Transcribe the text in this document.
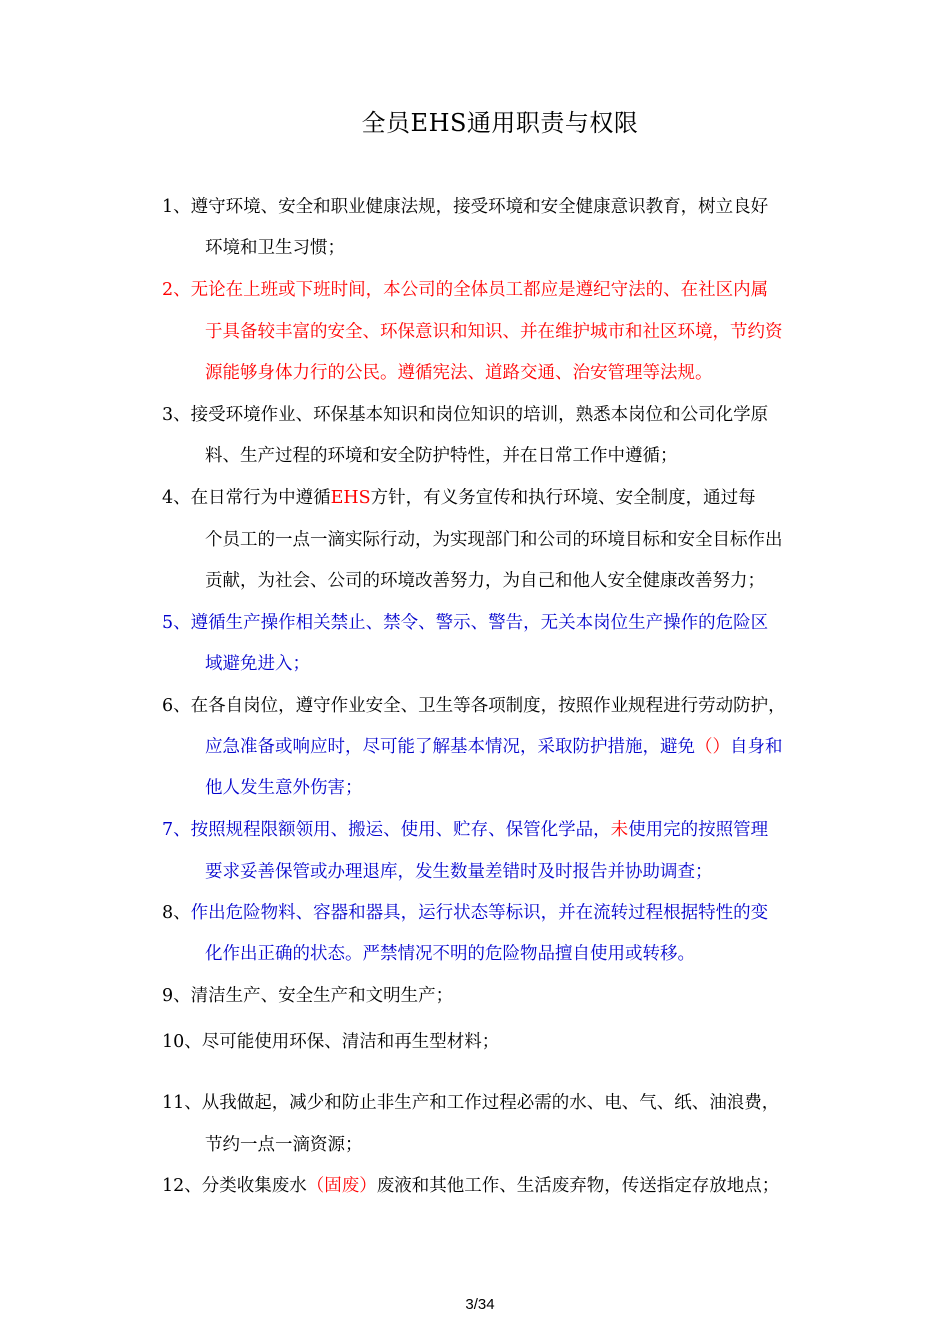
全员EHS通用职责与权限
1、遵守环境、安全和职业健康法规，接受环境和安全健康意识教育，树立良好
环境和卫生习惯；
2、无论在上班或下班时间，本公司的全体员工都应是遵纪守法的、在社区内属
于具备较丰富的安全、环保意识和知识、并在维护城市和社区环境，节约资
源能够身体力行的公民。遵循宪法、道路交通、治安管理等法规。
3、接受环境作业、环保基本知识和岗位知识的培训，熟悉本岗位和公司化学原
料、生产过程的环境和安全防护特性，并在日常工作中遵循；
4、在日常行为中遵循EHS方针，有义务宣传和执行环境、安全制度，通过每
个员工的一点一滴实际行动，为实现部门和公司的环境目标和安全目标作出
贡献，为社会、公司的环境改善努力，为自己和他人安全健康改善努力；
5、遵循生产操作相关禁止、禁令、警示、警告，无关本岗位生产操作的危险区
域避免进入；
6、在各自岗位，遵守作业安全、卫生等各项制度，按照作业规程进行劳动防护，
应急准备或响应时，尽可能了解基本情况，采取防护措施，避免（）自身和
他人发生意外伤害；
7、按照规程限额领用、搬运、使用、贮存、保管化学品，未使用完的按照管理
要求妥善保管或办理退库，发生数量差错时及时报告并协助调查；
8、作出危险物料、容器和器具，运行状态等标识，并在流转过程根据特性的变
化作出正确的状态。严禁情况不明的危险物品擅自使用或转移。
9、清洁生产、安全生产和文明生产；
10、尽可能使用环保、清洁和再生型材料；
11、从我做起，减少和防止非生产和工作过程必需的水、电、气、纸、油浪费，
节约一点一滴资源；
12、分类收集废水（固废）废液和其他工作、生活废弃物，传送指定存放地点；
3/34
